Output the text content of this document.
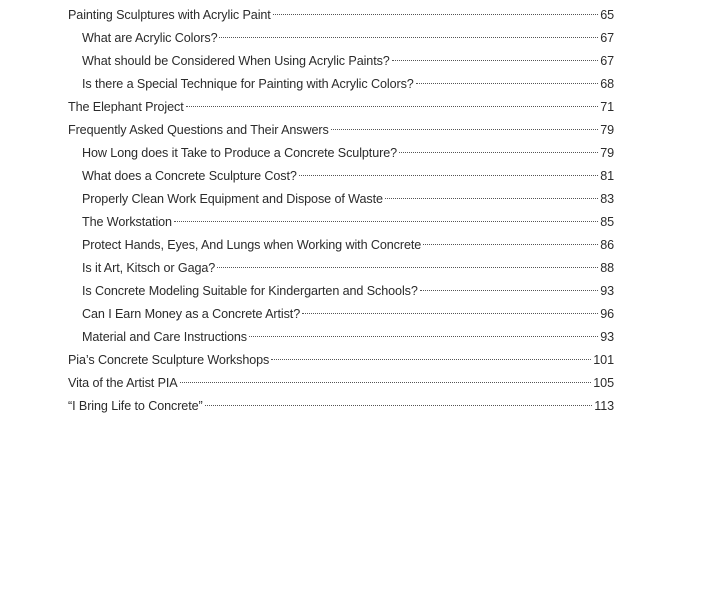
Painting Sculptures with Acrylic Paint	65
What are Acrylic Colors?	67
What should be Considered When Using Acrylic Paints?	67
Is there a Special Technique for Painting with Acrylic Colors?	68
The Elephant Project	71
Frequently Asked Questions and Their Answers	79
How Long does it Take to Produce a Concrete Sculpture?	79
What does a Concrete Sculpture Cost?	81
Properly Clean Work Equipment and Dispose of Waste	83
The Workstation	85
Protect Hands, Eyes, And Lungs when Working with Concrete	86
Is it Art, Kitsch or Gaga?	88
Is Concrete Modeling Suitable for Kindergarten and Schools?	93
Can I Earn Money as a Concrete Artist?	96
Material and Care Instructions	93
Pia’s Concrete Sculpture Workshops	101
Vita of the Artist PIA	105
“I Bring Life to Concrete”	113
